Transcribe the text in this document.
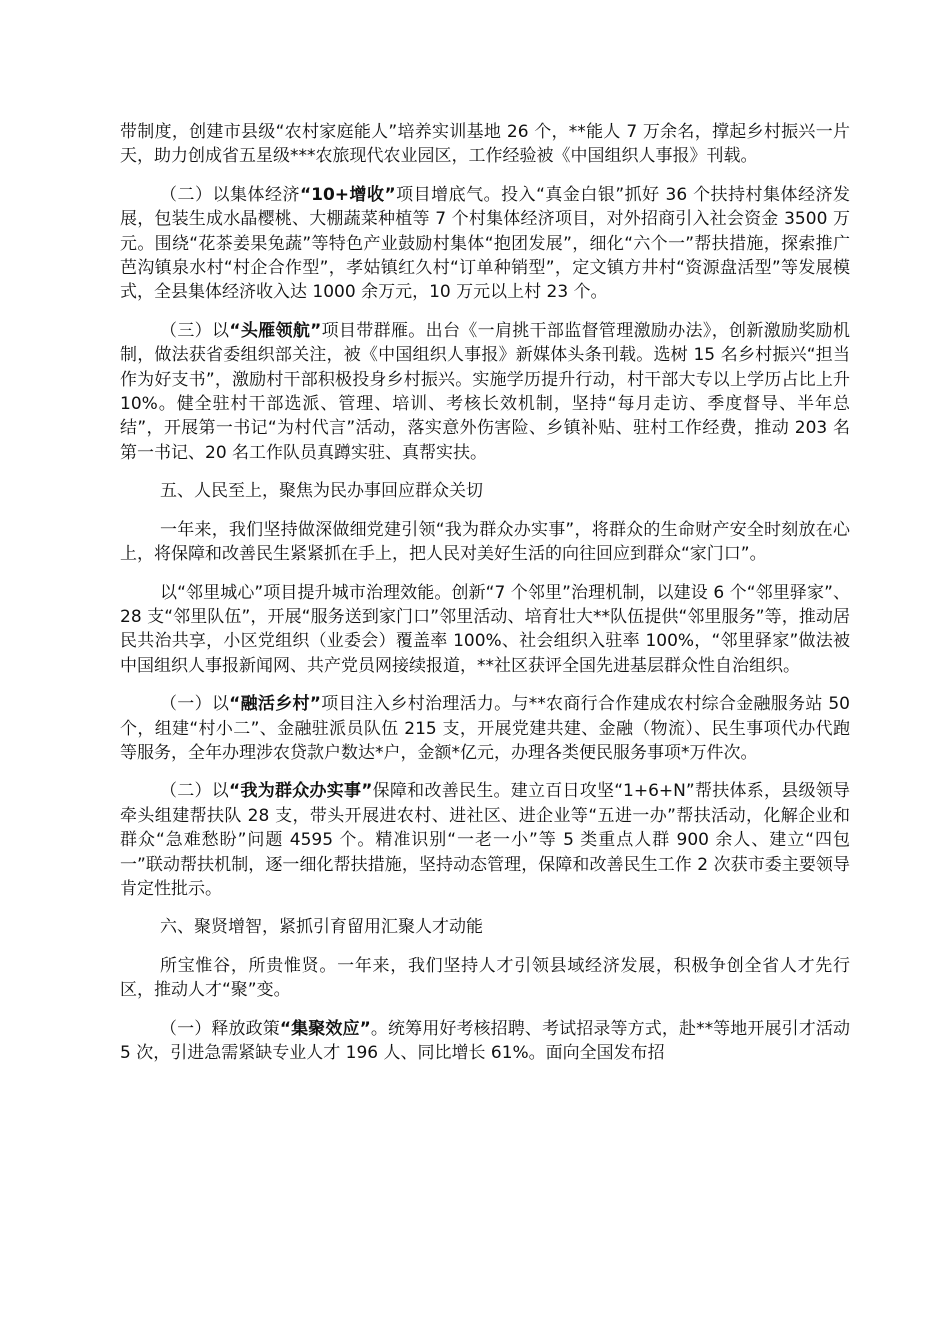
带制度，创建市县级“农村家庭能人”培养实训基地 26 个，**能人 7 万余名，撑起乡村振兴一片天，助力创成省五星级***农旅现代农业园区，工作经验被《中国组织人事报》刊载。

（二）以集体经济“10+增收”项目增底气。投入“真金白银”抓好 36 个扶持村集体经济发展，包装生成水晶樱桃、大棚蔬菜种植等 7 个村集体经济项目，对外招商引入社会资金 3500 万元。围绕“花茶姜果兔蔬”等特色产业鼓励村集体“抱团发展”，细化“六个一”帮扶措施，探索推广芭沟镇泉水村“村企合作型”，孝姑镇红久村“订单种销型”，定文镇方井村“资源盘活型”等发展模式，全县集体经济收入达 1000 余万元，10 万元以上村 23 个。

（三）以“头雁领航”项目带群雁。出台《一肩挑干部监督管理激励办法》，创新激励奖励机制，做法获省委组织部关注，被《中国组织人事报》新媒体头条刊载。选树 15 名乡村振兴“担当作为好支书”，激励村干部积极投身乡村振兴。实施学历提升行动，村干部大专以上学历占比上升 10%。健全驻村干部选派、管理、培训、考核长效机制，坚持“每月走访、季度督导、半年总结”，开展第一书记“为村代言”活动，落实意外伤害险、乡镇补贴、驻村工作经费，推动 203 名第一书记、20 名工作队员真蹲实驻、真帮实扶。

五、人民至上，聚焦为民办事回应群众关切

一年来，我们坚持做深做细党建引领“我为群众办实事”，将群众的生命财产安全时刻放在心上，将保障和改善民生紧紧抓在手上，把人民对美好生活的向往回应到群众“家门口”。

以“邻里城心”项目提升城市治理效能。创新“7 个邻里”治理机制，以建设 6 个“邻里驿家”、28 支“邻里队伍”，开展“服务送到家门口”邻里活动、培育壮大**队伍提供“邻里服务”等，推动居民共治共享，小区党组织（业委会）覆盖率 100%、社会组织入驻率 100%，“邻里驿家”做法被中国组织人事报新闻网、共产党员网接续报道，**社区获评全国先进基层群众性自治组织。

（一）以“融活乡村”项目注入乡村治理活力。与**农商行合作建成农村综合金融服务站 50 个，组建“村小二”、金融驻派员队伍 215 支，开展党建共建、金融（物流）、民生事项代办代跑等服务，全年办理涉农贷款户数达*户，金额*亿元，办理各类便民服务事项*万件次。

（二）以“我为群众办实事”保障和改善民生。建立百日攻坚“1+6+N”帮扶体系，县级领导牵头组建帮扶队 28 支，带头开展进农村、进社区、进企业等“五进一办”帮扶活动，化解企业和群众“急难愁盼”问题 4595 个。精准识别“一老一小”等 5 类重点人群 900 余人、建立“四包一”联动帮扶机制，逐一细化帮扶措施，坚持动态管理，保障和改善民生工作 2 次获市委主要领导肯定性批示。

六、聚贤增智，紧抓引育留用汇聚人才动能

所宝惟谷，所贵惟贤。一年来，我们坚持人才引领县域经济发展，积极争创全省人才先行区，推动人才“聚”变。

（一）释放政策“集聚效应”。统筹用好考核招聘、考试招录等方式，赴**等地开展引才活动 5 次，引进急需紧缺专业人才 196 人、同比增长 61%。面向全国发布招
